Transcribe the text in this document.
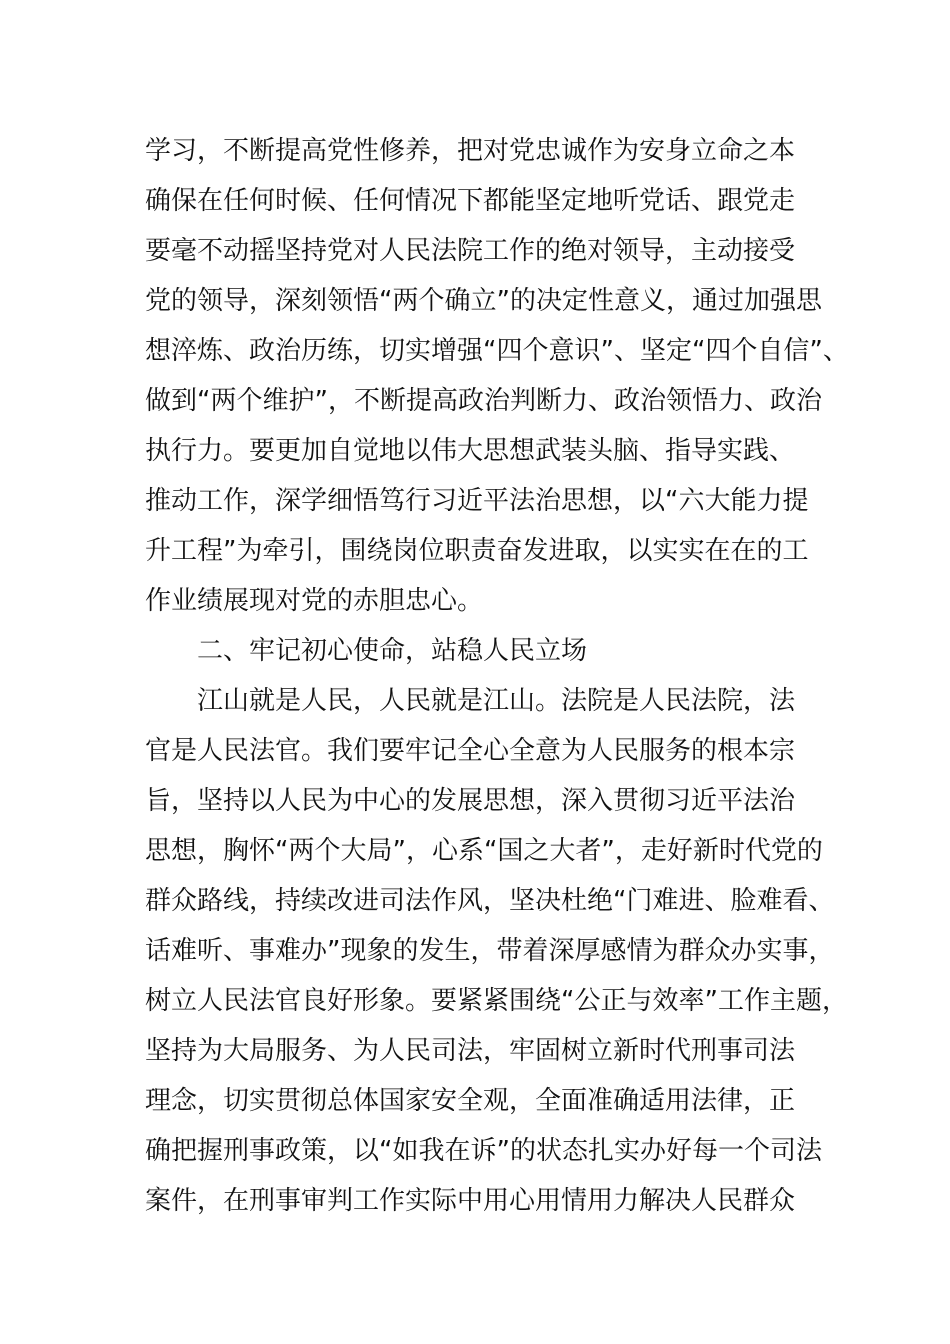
学习，不断提高党性修养，把对党忠诚作为安身立命之本
确保在任何时候、任何情况下都能坚定地听党话、跟党走
要毫不动摇坚持党对人民法院工作的绝对领导，主动接受
党的领导，深刻领悟“两个确立”的决定性意义，通过加强思
想淬炼、政治历练，切实增强“四个意识”、坚定“四个自信”、
做到“两个维护”，不断提高政治判断力、政治领悟力、政治
执行力。要更加自觉地以伟大思想武装头脑、指导实践、
推动工作，深学细悟笃行习近平法治思想，以“六大能力提
升工程”为牵引，围绕岗位职责奋发进取，以实实在在的工
作业绩展现对党的赤胆忠心。
二、牢记初心使命，站稳人民立场
江山就是人民，人民就是江山。法院是人民法院，法
官是人民法官。我们要牢记全心全意为人民服务的根本宗
旨，坚持以人民为中心的发展思想，深入贯彻习近平法治
思想，胸怀“两个大局”，心系“国之大者”，走好新时代党的
群众路线，持续改进司法作风，坚决杜绝“门难进、脸难看、
话难听、事难办”现象的发生，带着深厚感情为群众办实事，
树立人民法官良好形象。要紧紧围绕“公正与效率”工作主题，
坚持为大局服务、为人民司法，牢固树立新时代刑事司法
理念，切实贯彻总体国家安全观，全面准确适用法律，正
确把握刑事政策，以“如我在诉”的状态扎实办好每一个司法
案件，在刑事审判工作实际中用心用情用力解决人民群众
